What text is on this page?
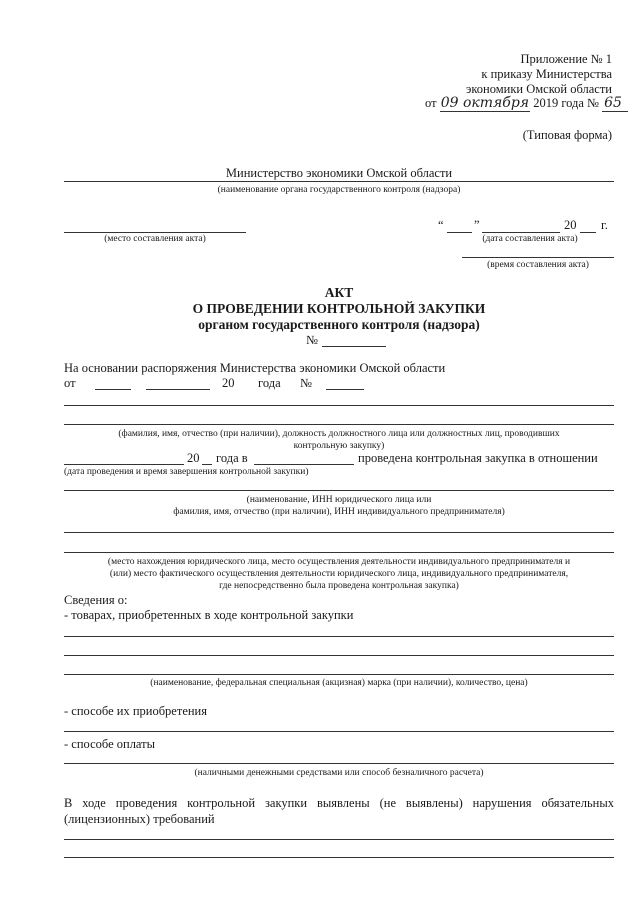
Приложение № 1
к приказу Министерства
экономики Омской области
от 09 октября 2019 года № 65
(Типовая форма)
Министерство экономики Омской области
(наименование органа государственного контроля (надзора)
(место составления акта)
“ ”	20 г.
(дата составления акта)
(время составления акта)
АКТ
О ПРОВЕДЕНИИ КОНТРОЛЬНОЙ ЗАКУПКИ
органом государственного контроля (надзора)
№
На основании распоряжения Министерства экономики Омской области
от	20 года №
(фамилия, имя, отчество (при наличии), должность должностного лица или должностных лиц, проводивших
контрольную закупку)
20 года в	проведена контрольная закупка в отношении
(дата проведения и время завершения контрольной закупки)
(наименование, ИНН юридического лица или
фамилия, имя, отчество (при наличии), ИНН индивидуального предпринимателя)
(место нахождения юридического лица, место осуществления деятельности индивидуального предпринимателя и
(или) место фактического осуществления деятельности юридического лица, индивидуального предпринимателя,
где непосредственно была проведена контрольная закупка)
Сведения о:
- товарах, приобретенных в ходе контрольной закупки
(наименование, федеральная специальная (акцизная) марка (при наличии), количество, цена)
- способе их приобретения
- способе оплаты
(наличными денежными средствами или способ безналичного расчета)
В ходе проведения контрольной закупки выявлены (не выявлены) нарушения обязательных
(лицензионных) требований
